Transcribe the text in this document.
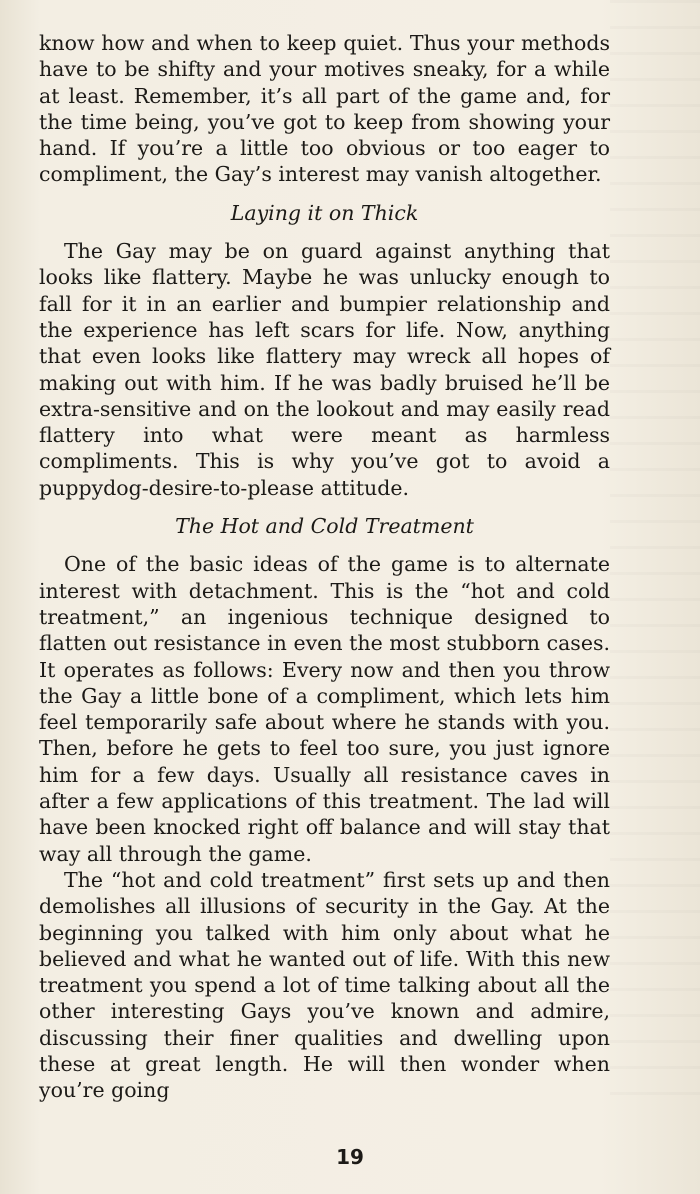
know how and when to keep quiet. Thus your methods have to be shifty and your motives sneaky, for a while at least. Remember, it’s all part of the game and, for the time being, you’ve got to keep from showing your hand. If you’re a little too obvious or too eager to compliment, the Gay’s interest may vanish altogether.

Laying it on Thick

The Gay may be on guard against anything that looks like flattery. Maybe he was unlucky enough to fall for it in an earlier and bumpier relationship and the experience has left scars for life. Now, anything that even looks like flattery may wreck all hopes of making out with him. If he was badly bruised he’ll be extra-sensitive and on the lookout and may easily read flattery into what were meant as harmless compliments. This is why you’ve got to avoid a puppydog-desire-to-please attitude.

The Hot and Cold Treatment

One of the basic ideas of the game is to alternate interest with detachment. This is the “hot and cold treatment,” an ingenious technique designed to flatten out resistance in even the most stubborn cases. It operates as follows: Every now and then you throw the Gay a little bone of a compliment, which lets him feel temporarily safe about where he stands with you. Then, before he gets to feel too sure, you just ignore him for a few days. Usually all resistance caves in after a few applications of this treatment. The lad will have been knocked right off balance and will stay that way all through the game.

The “hot and cold treatment” first sets up and then demolishes all illusions of security in the Gay. At the beginning you talked with him only about what he believed and what he wanted out of life. With this new treatment you spend a lot of time talking about all the other interesting Gays you’ve known and admire, discussing their finer qualities and dwelling upon these at great length. He will then wonder when you’re going

19
